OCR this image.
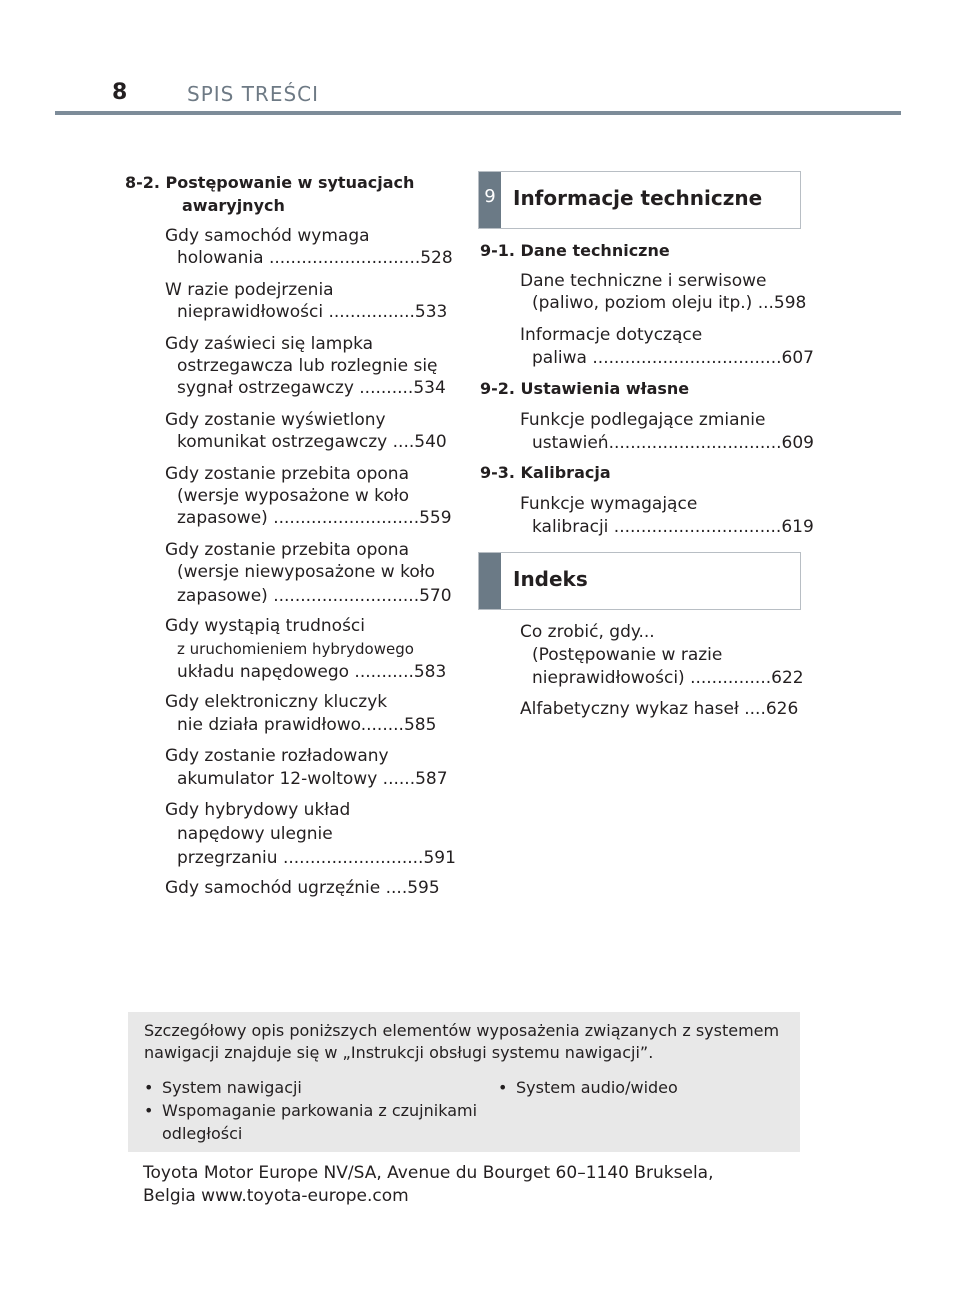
8	SPIS TREŚCI
8-2. Postępowanie w sytuacjach
awaryjnych
Gdy samochód wymaga
holowania ............................528
W razie podejrzenia
nieprawidłowości ................533
Gdy zaświeci się lampka
ostrzegawcza lub rozlegnie się
sygnał ostrzegawczy ..........534
Gdy zostanie wyświetlony
komunikat ostrzegawczy ....540
Gdy zostanie przebita opona
(wersje wyposażone w koło
zapasowe) ...........................559
Gdy zostanie przebita opona
(wersje niewyposażone w koło
zapasowe) ...........................570
Gdy wystąpią trudności
z uruchomieniem hybrydowego
układu napędowego ...........583
Gdy elektroniczny kluczyk
nie działa prawidłowo........585
Gdy zostanie rozładowany
akumulator 12-woltowy ......587
Gdy hybrydowy układ
napędowy ulegnie
przegrzaniu ..........................591
Gdy samochód ugrzęźnie ....595
9 Informacje techniczne
9-1. Dane techniczne
Dane techniczne i serwisowe
(paliwo, poziom oleju itp.) ...598
Informacje dotyczące
paliwa ...................................607
9-2. Ustawienia własne
Funkcje podlegające zmianie
ustawień................................609
9-3. Kalibracja
Funkcje wymagające
kalibracji ...............................619
Indeks
Co zrobić, gdy...
(Postępowanie w razie
nieprawidłowości) ...............622
Alfabetyczny wykaz haseł ....626
Szczegółowy opis poniższych elementów wyposażenia związanych z systemem
nawigacji znajduje się w „Instrukcji obsługi systemu nawigacji”.
• System nawigacji
• Wspomaganie parkowania z czujnikami
odległości
• System audio/wideo
Toyota Motor Europe NV/SA, Avenue du Bourget 60–1140 Bruksela,
Belgia www.toyota-europe.com
